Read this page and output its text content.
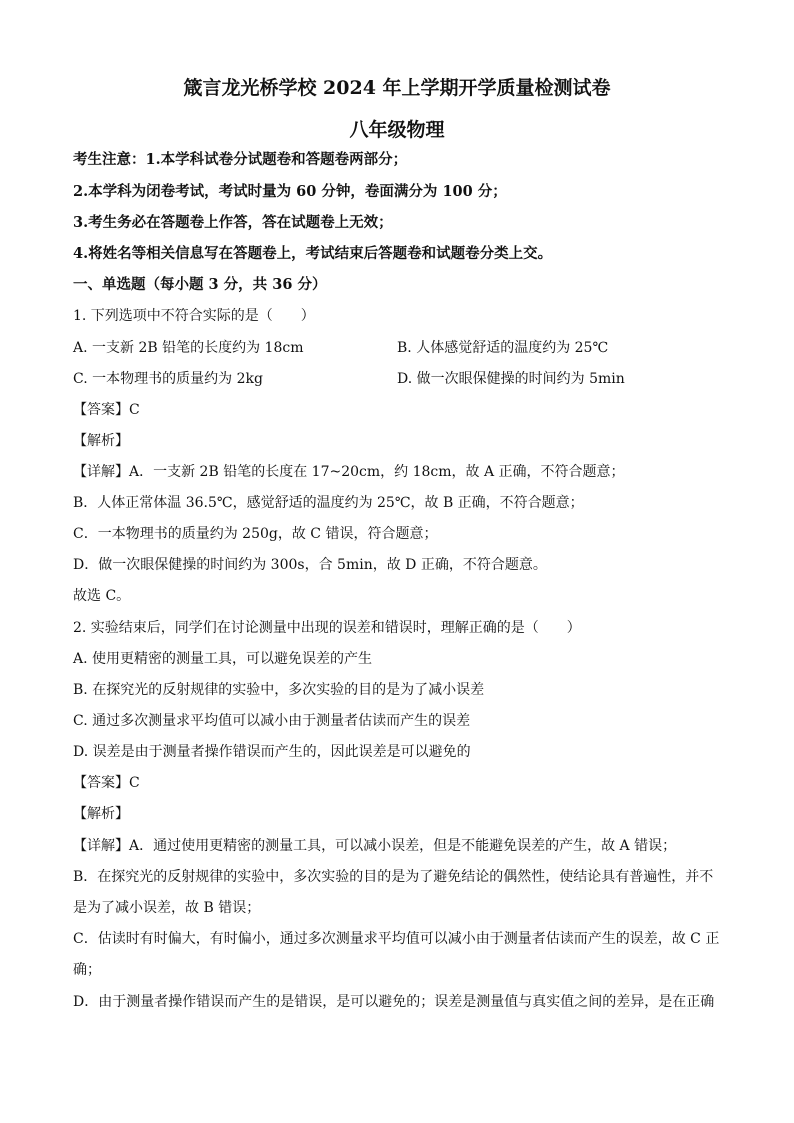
箴言龙光桥学校 2024 年上学期开学质量检测试卷
八年级物理
考生注意：1.本学科试卷分试题卷和答题卷两部分；
2.本学科为闭卷考试，考试时量为 60 分钟，卷面满分为 100 分；
3.考生务必在答题卷上作答，答在试题卷上无效；
4.将姓名等相关信息写在答题卷上，考试结束后答题卷和试题卷分类上交。
一、单选题（每小题 3 分，共 36 分）
1. 下列选项中不符合实际的是（　　）
A. 一支新 2B 铅笔的长度约为 18cm	B. 人体感觉舒适的温度约为 25℃
C. 一本物理书的质量约为 2kg	D. 做一次眼保健操的时间约为 5min
【答案】C
【解析】
【详解】A．一支新 2B 铅笔的长度在 17~20cm，约 18cm，故 A 正确，不符合题意；
B．人体正常体温 36.5℃，感觉舒适的温度约为 25℃，故 B 正确，不符合题意；
C．一本物理书的质量约为 250g，故 C 错误，符合题意；
D．做一次眼保健操的时间约为 300s，合 5min，故 D 正确，不符合题意。
故选 C。
2. 实验结束后，同学们在讨论测量中出现的误差和错误时，理解正确的是（　　）
A. 使用更精密的测量工具，可以避免误差的产生
B. 在探究光的反射规律的实验中，多次实验的目的是为了减小误差
C. 通过多次测量求平均值可以减小由于测量者估读而产生的误差
D. 误差是由于测量者操作错误而产生的，因此误差是可以避免的
【答案】C
【解析】
【详解】A．通过使用更精密的测量工具，可以减小误差，但是不能避免误差的产生，故 A 错误；
B．在探究光的反射规律的实验中，多次实验的目的是为了避免结论的偶然性，使结论具有普遍性，并不
是为了减小误差，故 B 错误；
C．估读时有时偏大，有时偏小，通过多次测量求平均值可以减小由于测量者估读而产生的误差，故 C 正
确；
D．由于测量者操作错误而产生的是错误，是可以避免的；误差是测量值与真实值之间的差异，是在正确
